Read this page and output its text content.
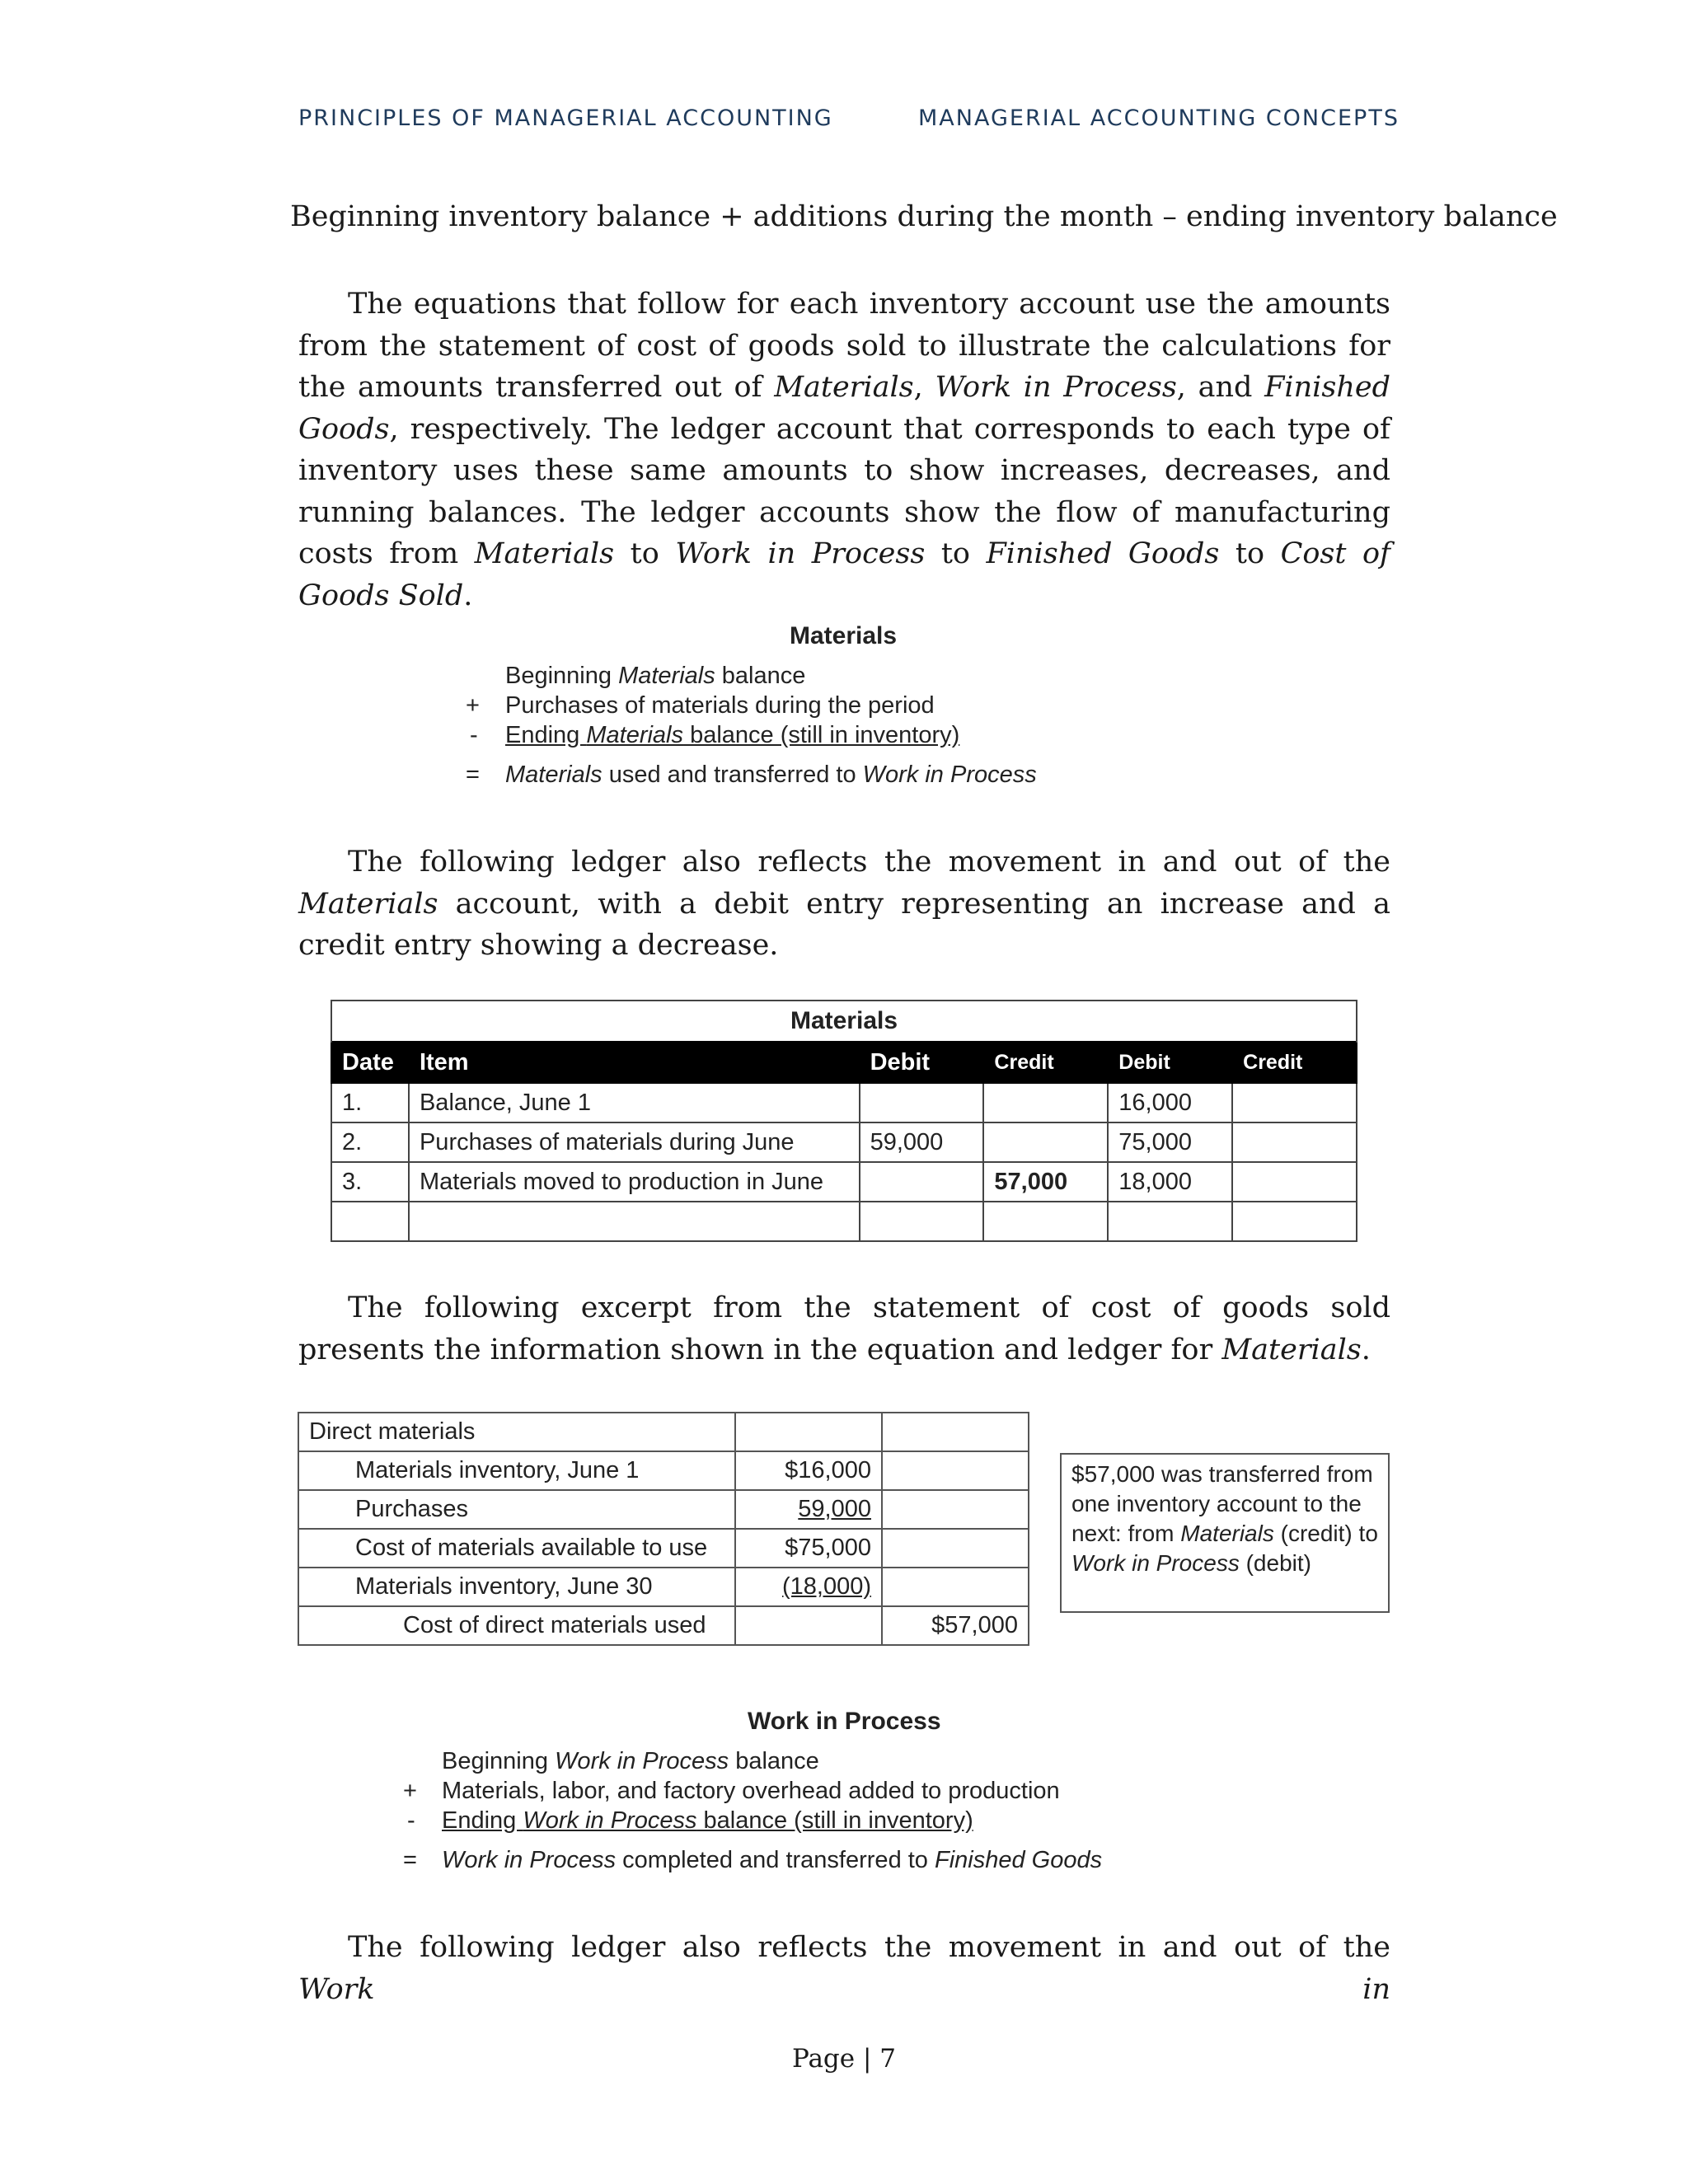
PRINCIPLES OF MANAGERIAL ACCOUNTING	MANAGERIAL ACCOUNTING CONCEPTS
Beginning inventory balance + additions during the month – ending inventory balance

The equations that follow for each inventory account use the amounts from the statement of cost of goods sold to illustrate the calculations for the amounts transferred out of Materials, Work in Process, and Finished Goods, respectively. The ledger account that corresponds to each type of inventory uses these same amounts to show increases, decreases, and running balances. The ledger accounts show the flow of manufacturing costs from Materials to Work in Process to Finished Goods to Cost of Goods Sold.

Materials
Beginning Materials balance
+ Purchases of materials during the period
- Ending Materials balance (still in inventory)
= Materials used and transferred to Work in Process

The following ledger also reflects the movement in and out of the Materials account, with a debit entry representing an increase and a credit entry showing a decrease.

Materials					
Date	Item	Debit	Credit	Debit	Credit
1.	Balance, June 1			16,000	
2.	Purchases of materials during June	59,000		75,000	
3.	Materials moved to production in June		57,000	18,000	

The following excerpt from the statement of cost of goods sold presents the information shown in the equation and ledger for Materials.

Direct materials		
Materials inventory, June 1	$16,000	
Purchases	59,000	
Cost of materials available to use	$75,000	
Materials inventory, June 30	(18,000)	
Cost of direct materials used		$57,000
$57,000 was transferred from one inventory account to the next: from Materials (credit) to Work in Process (debit)
Work in Process
Beginning Work in Process balance
+ Materials, labor, and factory overhead added to production
- Ending Work in Process balance (still in inventory)
= Work in Process completed and transferred to Finished Goods

The following ledger also reflects the movement in and out of the Work in

Page | 7
